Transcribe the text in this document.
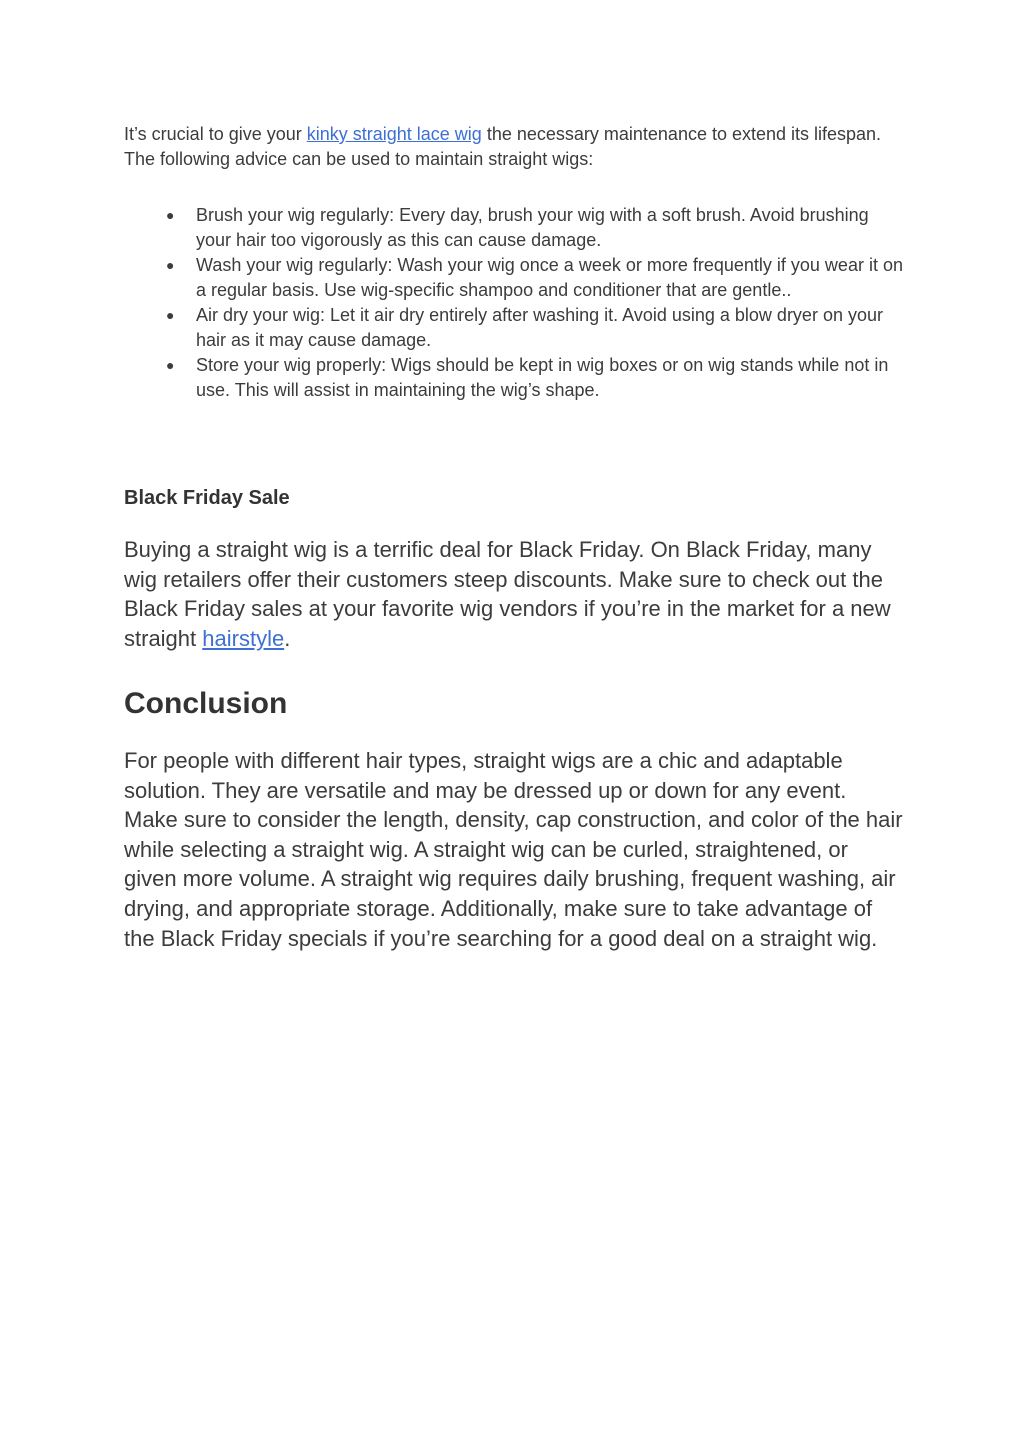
It’s crucial to give your kinky straight lace wig the necessary maintenance to extend its lifespan. The following advice can be used to maintain straight wigs:

● Brush your wig regularly: Every day, brush your wig with a soft brush. Avoid brushing your hair too vigorously as this can cause damage.
● Wash your wig regularly: Wash your wig once a week or more frequently if you wear it on a regular basis. Use wig-specific shampoo and conditioner that are gentle..
● Air dry your wig: Let it air dry entirely after washing it. Avoid using a blow dryer on your hair as it may cause damage.
● Store your wig properly: Wigs should be kept in wig boxes or on wig stands while not in use. This will assist in maintaining the wig’s shape.
Black Friday Sale

Buying a straight wig is a terrific deal for Black Friday. On Black Friday, many wig retailers offer their customers steep discounts. Make sure to check out the Black Friday sales at your favorite wig vendors if you’re in the market for a new straight hairstyle.

Conclusion

For people with different hair types, straight wigs are a chic and adaptable solution. They are versatile and may be dressed up or down for any event. Make sure to consider the length, density, cap construction, and color of the hair while selecting a straight wig. A straight wig can be curled, straightened, or given more volume. A straight wig requires daily brushing, frequent washing, air drying, and appropriate storage. Additionally, make sure to take advantage of the Black Friday specials if you’re searching for a good deal on a straight wig.
